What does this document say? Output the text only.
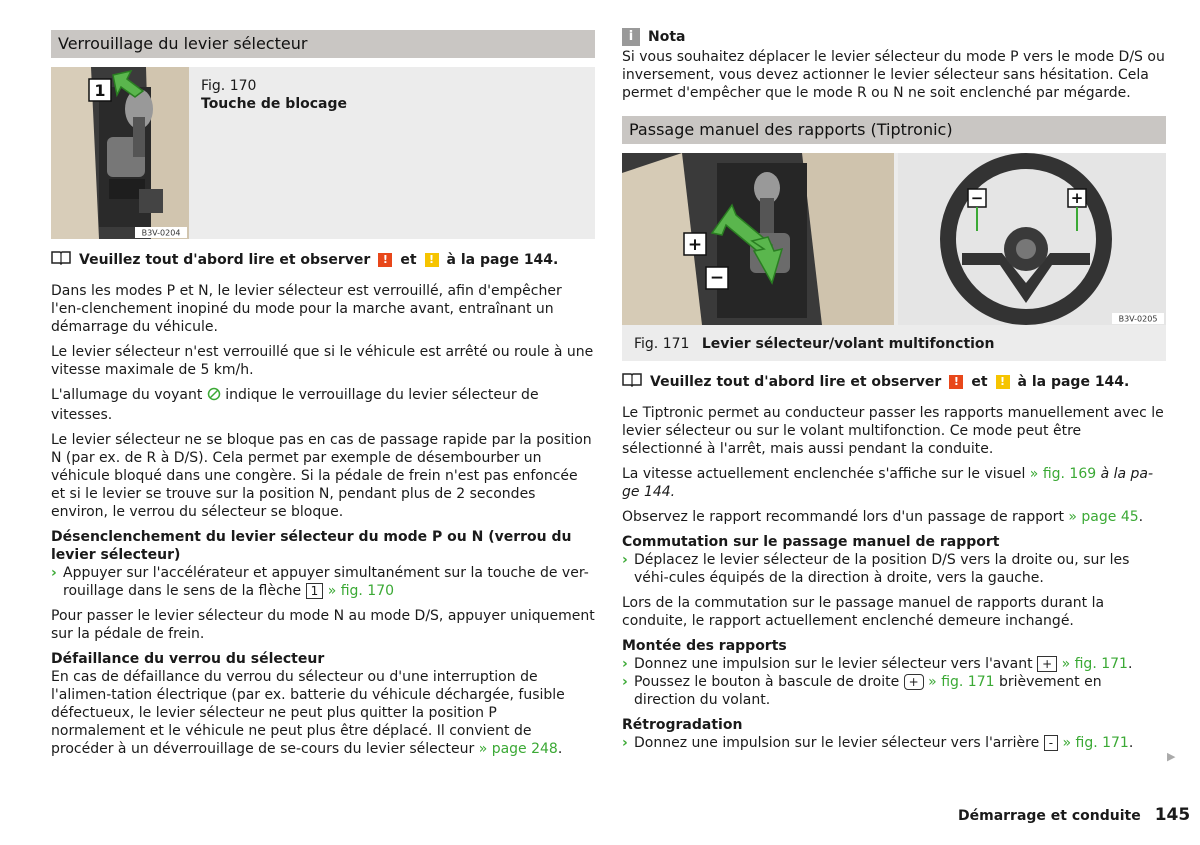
Verrouillage du levier sélecteur
1
B3V-0204
Fig. 170
Touche de blocage
Veuillez tout d'abord lire et observer	! et	! à la page 144.

Dans les modes P et N, le levier sélecteur est verrouillé, afin d'empêcher l'en-clenchement inopiné du mode pour la marche avant, entraînant un démarrage du véhicule.

Le levier sélecteur n'est verrouillé que si le véhicule est arrêté ou roule à une vitesse maximale de 5 km/h.

L'allumage du voyant indique le verrouillage du levier sélecteur de vitesses.

Le levier sélecteur ne se bloque pas en cas de passage rapide par la position N (par ex. de R à D/S). Cela permet par exemple de désembourber un véhicule bloqué dans une congère. Si la pédale de frein n'est pas enfoncée et si le levier se trouve sur la position N, pendant plus de 2 secondes environ, le verrou du sélecteur se bloque.

Désenclenchement du levier sélecteur du mode P ou N (verrou du levier sélecteur)
› Appuyer sur l'accélérateur et appuyer simultanément sur la touche de ver-rouillage dans le sens de la flèche 1 » fig. 170

Pour passer le levier sélecteur du mode N au mode D/S, appuyer uniquement sur la pédale de frein.

Défaillance du verrou du sélecteur

En cas de défaillance du verrou du sélecteur ou d'une interruption de l'alimen-tation électrique (par ex. batterie du véhicule déchargée, fusible défectueux, le levier sélecteur ne peut plus quitter la position P normalement et le véhicule ne peut plus être déplacé. Il convient de procéder à un déverrouillage de se-cours du levier sélecteur » page 248.

i	Nota

Si vous souhaitez déplacer le levier sélecteur du mode P vers le mode D/S ou inversement, vous devez actionner le levier sélecteur sans hésitation. Cela permet d'empêcher que le mode R ou N ne soit enclenché par mégarde.

Passage manuel des rapports (Tiptronic)
+
−
−	+
B3V-0205
Fig. 171 Levier sélecteur/volant multifonction
Veuillez tout d'abord lire et observer	! et	! à la page 144.

Le Tiptronic permet au conducteur passer les rapports manuellement avec le levier sélecteur ou sur le volant multifonction. Ce mode peut être sélectionné à l'arrêt, mais aussi pendant la conduite.

La vitesse actuellement enclenchée s'affiche sur le visuel » fig. 169 à la pa-ge 144.

Observez le rapport recommandé lors d'un passage de rapport » page 45.

Commutation sur le passage manuel de rapport
› Déplacez le levier sélecteur de la position D/S vers la droite ou, sur les véhi-cules équipés de la direction à droite, vers la gauche.

Lors de la commutation sur le passage manuel de rapports durant la conduite, le rapport actuellement enclenché demeure inchangé.

Montée des rapports
› Donnez une impulsion sur le levier sélecteur vers l'avant + » fig. 171.
› Poussez le bouton à bascule de droite + » fig. 171 brièvement en direction du volant.
Rétrogradation
› Donnez une impulsion sur le levier sélecteur vers l'arrière - » fig. 171.
▶
Démarrage et conduite 145
